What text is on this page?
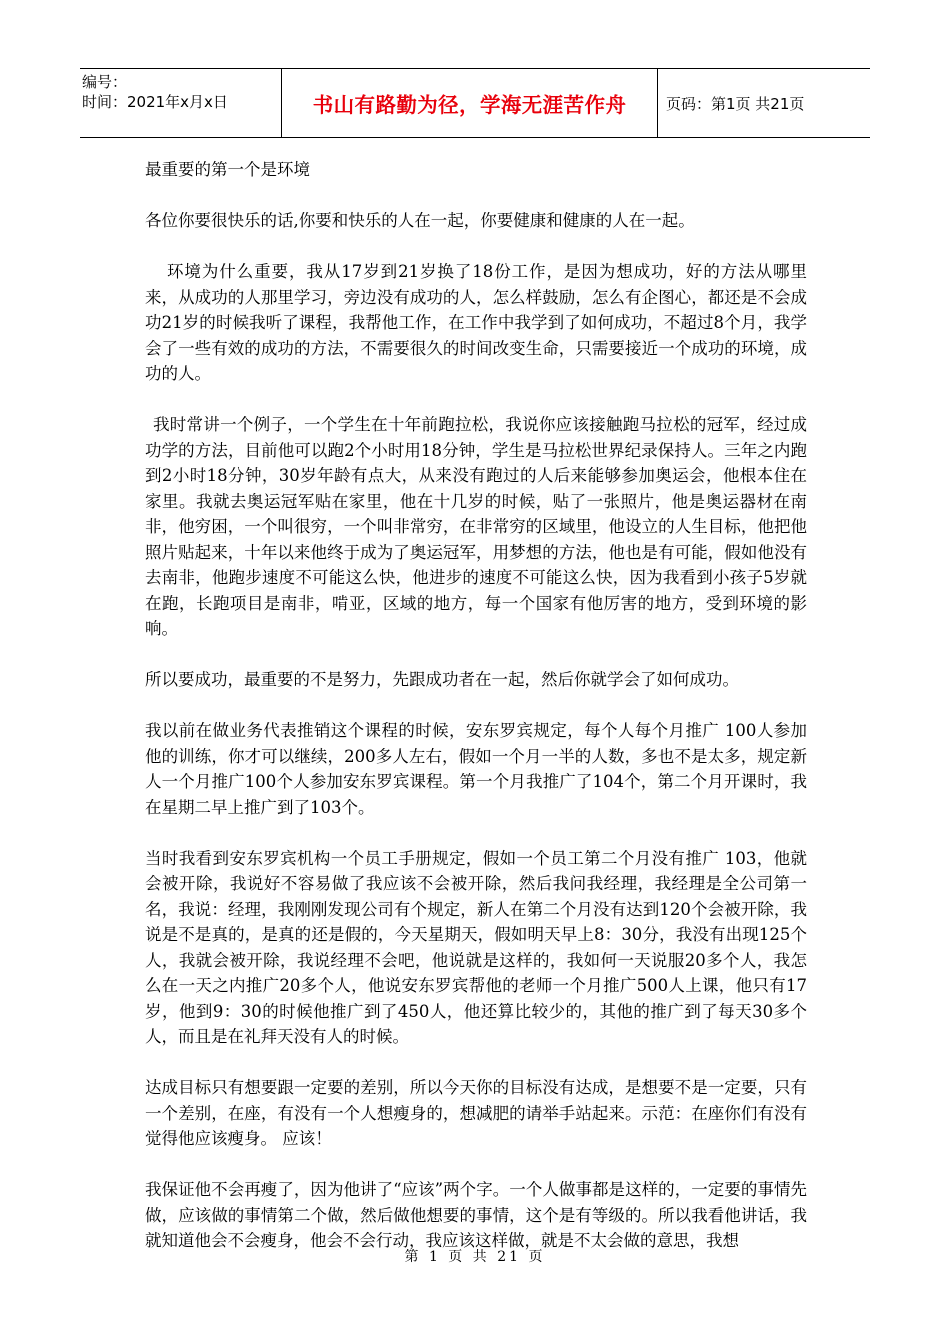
编号：
时间：2021年x月x日	书山有路勤为径，学海无涯苦作舟	页码：第1页 共21页

最重要的第一个是环境

各位你要很快乐的话,你要和快乐的人在一起，你要健康和健康的人在一起。

环境为什么重要，我从17岁到21岁换了18份工作，是因为想成功，好的方法从哪里来，从成功的人那里学习，旁边没有成功的人，怎么样鼓励，怎么有企图心，都还是不会成功21岁的时候我听了课程，我帮他工作，在工作中我学到了如何成功，不超过8个月，我学会了一些有效的成功的方法，不需要很久的时间改变生命，只需要接近一个成功的环境，成功的人。

我时常讲一个例子，一个学生在十年前跑拉松，我说你应该接触跑马拉松的冠军，经过成功学的方法，目前他可以跑2个小时用18分钟，学生是马拉松世界纪录保持人。三年之内跑到2小时18分钟，30岁年龄有点大，从来没有跑过的人后来能够参加奥运会，他根本住在家里。我就去奥运冠军贴在家里，他在十几岁的时候，贴了一张照片，他是奥运器材在南非，他穷困，一个叫很穷，一个叫非常穷，在非常穷的区域里，他设立的人生目标，他把他照片贴起来，十年以来他终于成为了奥运冠军，用梦想的方法，他也是有可能，假如他没有去南非，他跑步速度不可能这么快，他进步的速度不可能这么快，因为我看到小孩子5岁就在跑，长跑项目是南非，啃亚，区域的地方，每一个国家有他厉害的地方，受到环境的影响。

所以要成功，最重要的不是努力，先跟成功者在一起，然后你就学会了如何成功。

我以前在做业务代表推销这个课程的时候，安东罗宾规定，每个人每个月推广 100人参加他的训练，你才可以继续，200多人左右，假如一个月一半的人数，多也不是太多，规定新人一个月推广100个人参加安东罗宾课程。第一个月我推广了104个，第二个月开课时，我在星期二早上推广到了103个。

当时我看到安东罗宾机构一个员工手册规定，假如一个员工第二个月没有推广 103，他就会被开除，我说好不容易做了我应该不会被开除，然后我问我经理，我经理是全公司第一名，我说：经理，我刚刚发现公司有个规定，新人在第二个月没有达到120个会被开除，我说是不是真的，是真的还是假的，今天星期天，假如明天早上8：30分，我没有出现125个人，我就会被开除，我说经理不会吧，他说就是这样的，我如何一天说服20多个人，我怎么在一天之内推广20多个人，他说安东罗宾帮他的老师一个月推广500人上课，他只有17岁，他到9：30的时候他推广到了450人，他还算比较少的，其他的推广到了每天30多个人，而且是在礼拜天没有人的时候。

达成目标只有想要跟一定要的差别，所以今天你的目标没有达成，是想要不是一定要，只有一个差别，在座，有没有一个人想瘦身的，想减肥的请举手站起来。示范：在座你们有没有觉得他应该瘦身。 应该！

我保证他不会再瘦了，因为他讲了“应该”两个字。一个人做事都是这样的，一定要的事情先做，应该做的事情第二个做，然后做他想要的事情，这个是有等级的。所以我看他讲话，我就知道他会不会瘦身，他会不会行动，我应该这样做，就是不太会做的意思，我想

第 1 页 共 21 页
